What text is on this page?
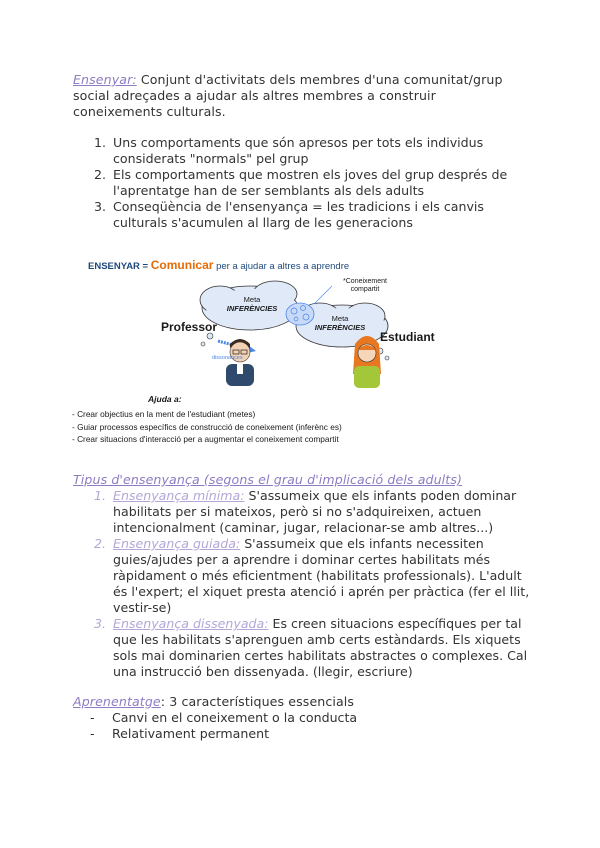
Ensenyar: Conjunt d'activitats dels membres d'una comunitat/grup social adreçades a ajudar als altres membres a construir coneixements culturals.
1. Uns comportaments que són apresos per tots els individus considerats "normals" pel grup
2. Els comportaments que mostren els joves del grup després de l'aprentatge han de ser semblants als dels adults
3. Conseqüència de l'ensenyança = les tradicions i els canvis culturals s'acumulen al llarg de les generacions
ENSENYAR = Comunicar per a ajudar a altres a aprendre
Professor
Estudiant
Meta
INFERÈNCIES
Meta
INFERÈNCIES
*Coneixement
compartit
dissonances
Ajuda a:
- Crear objectius en la ment de l'estudiant (metes)
- Guiar processos específics de construcció de coneixement (inferènc es)
- Crear situacions d'interacció per a augmentar el coneixement compartit
Tipus d'ensenyança (segons el grau d'implicació dels adults)
1. Ensenyança mínima: S'assumeix que els infants poden dominar habilitats per si mateixos, però si no s'adquireixen, actuen intencionalment (caminar, jugar, relacionar-se amb altres...)
2. Ensenyança guiada: S'assumeix que els infants necessiten guies/ajudes per a aprendre i dominar certes habilitats més ràpidament o més eficientment (habilitats professionals). L'adult és l'expert; el xiquet presta atenció i aprén per pràctica (fer el llit, vestir-se)
3. Ensenyança dissenyada: Es creen situacions específiques per tal que les habilitats s'aprenguen amb certs estàndards. Els xiquets sols mai dominarien certes habilitats abstractes o complexes. Cal una instrucció ben dissenyada. (llegir, escriure)
Aprenentatge: 3 característiques essencials
- Canvi en el coneixement o la conducta
- Relativament permanent
